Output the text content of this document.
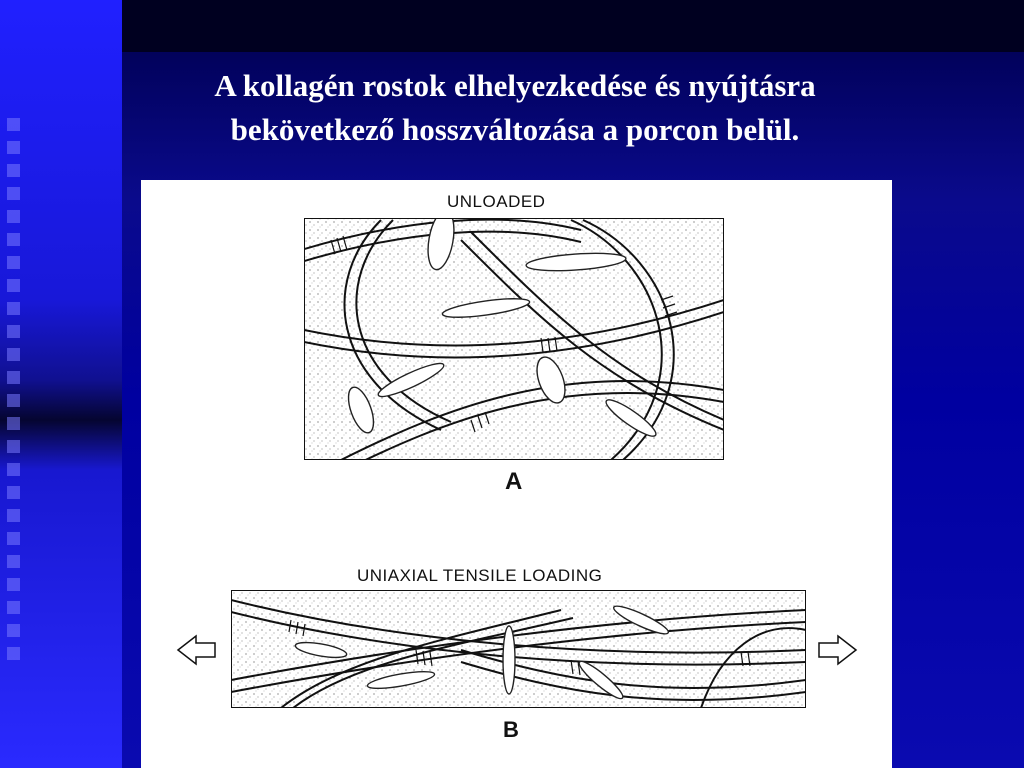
A kollagén rostok elhelyezkedése és nyújtásra
bekövetkező hosszváltozása a porcon belül.
UNLOADED
A
UNIAXIAL TENSILE LOADING
B
